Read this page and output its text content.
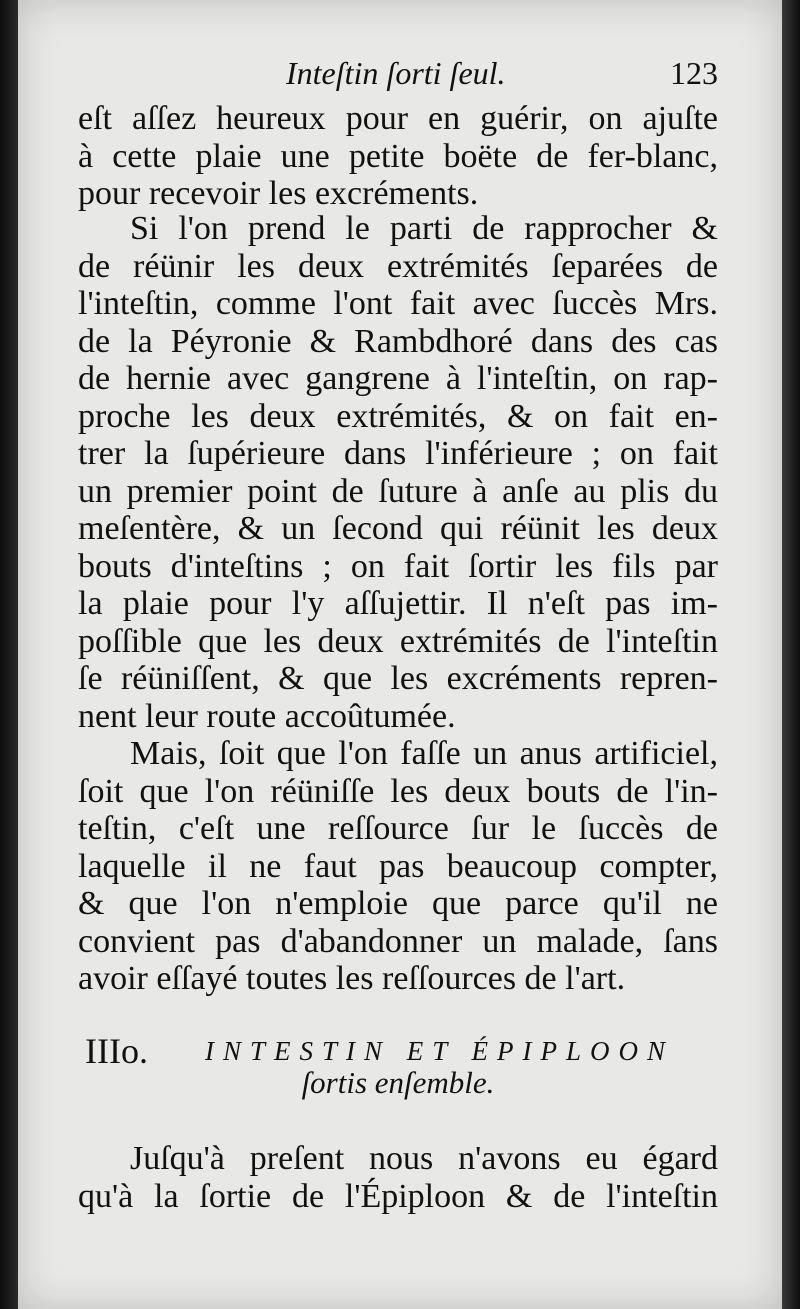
Inteſtin ſorti ſeul.	123
eſt aſſez heureux pour en guérir, on ajuſte
à cette plaie une petite boëte de fer-blanc,
pour recevoir les excréments.
Si l'on prend le parti de rapprocher &
de réünir les deux extrémités ſeparées de
l'inteſtin, comme l'ont fait avec ſuccès Mrs.
de la Péyronie & Rambdhoré dans des cas
de hernie avec gangrene à l'inteſtin, on rap-
proche les deux extrémités, & on fait en-
trer la ſupérieure dans l'inférieure ; on fait
un premier point de ſuture à anſe au plis du
meſentère, & un ſecond qui réünit les deux
bouts d'inteſtins ; on fait ſortir les fils par
la plaie pour l'y aſſujettir. Il n'eſt pas im-
poſſible que les deux extrémités de l'inteſtin
ſe réüniſſent, & que les excréments repren-
nent leur route accoûtumée.
Mais, ſoit que l'on faſſe un anus artificiel,
ſoit que l'on réüniſſe les deux bouts de l'in-
teſtin, c'eſt une reſſource ſur le ſuccès de
laquelle il ne faut pas beaucoup compter,
& que l'on n'emploie que parce qu'il ne
convient pas d'abandonner un malade, ſans
avoir eſſayé toutes les reſſources de l'art.
IIIo. INTESTIN ET ÉPIPLOON
ſortis enſemble.
Juſqu'à preſent nous n'avons eu égard
qu'à la ſortie de l'Épiploon & de l'inteſtin
